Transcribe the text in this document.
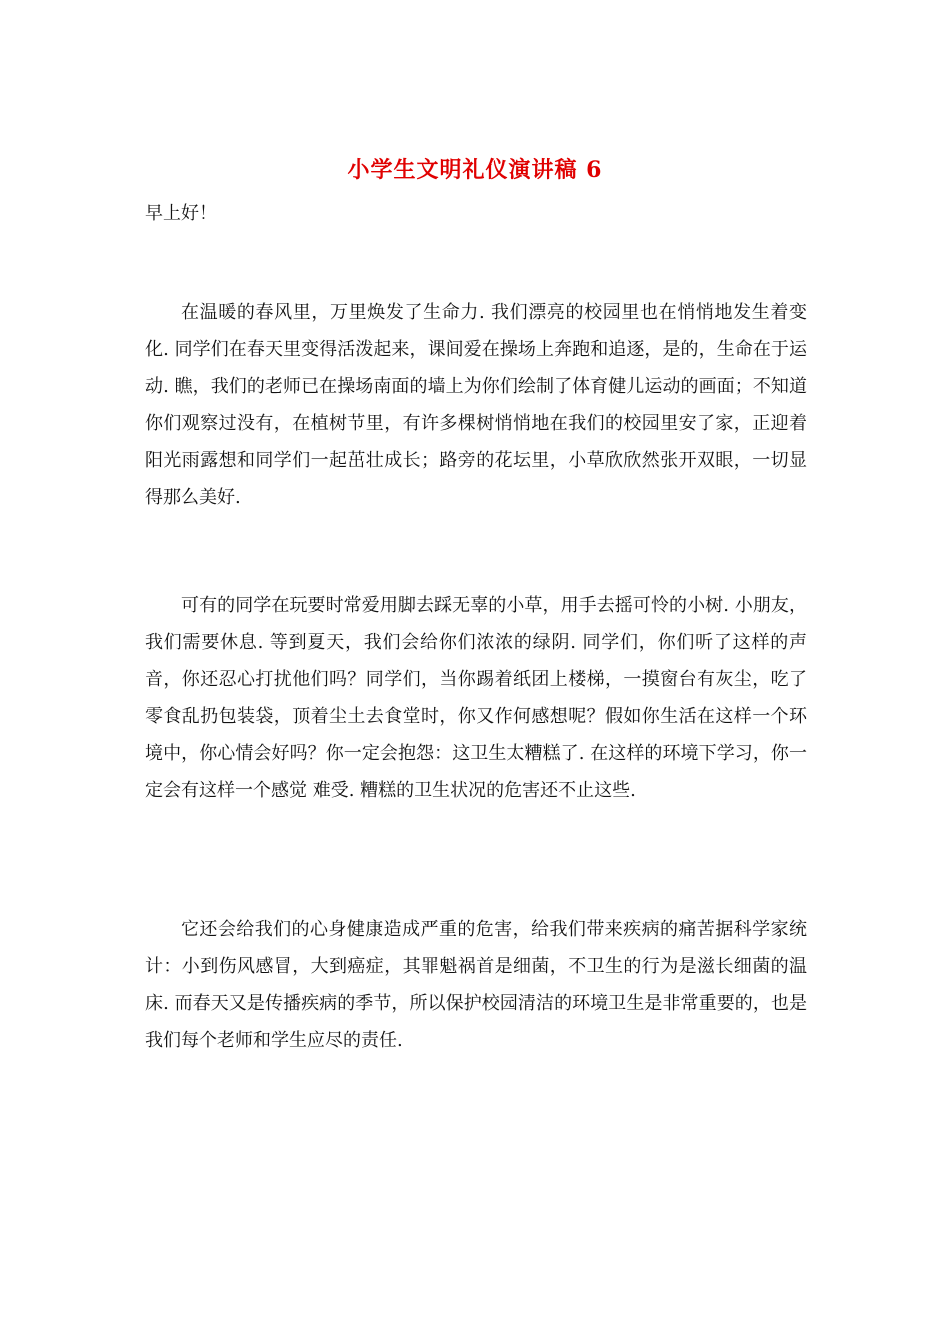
小学生文明礼仪演讲稿 6
早上好！

在温暖的春风里，万里焕发了生命力. 我们漂亮的校园里也在悄悄地发生着变化. 同学们在春天里变得活泼起来，课间爱在操场上奔跑和追逐，是的，生命在于运动. 瞧，我们的老师已在操场南面的墙上为你们绘制了体育健儿运动的画面；不知道你们观察过没有，在植树节里，有许多棵树悄悄地在我们的校园里安了家，正迎着阳光雨露想和同学们一起茁壮成长；路旁的花坛里，小草欣欣然张开双眼，一切显得那么美好.

可有的同学在玩要时常爱用脚去踩无辜的小草，用手去摇可怜的小树. 小朋友，我们需要休息. 等到夏天，我们会给你们浓浓的绿阴. 同学们，你们听了这样的声音，你还忍心打扰他们吗？同学们，当你踢着纸团上楼梯，一摸窗台有灰尘，吃了零食乱扔包装袋，顶着尘土去食堂时，你又作何感想呢？假如你生活在这样一个环境中，你心情会好吗？你一定会抱怨：这卫生太糟糕了. 在这样的环境下学习，你一定会有这样一个感觉 难受. 糟糕的卫生状况的危害还不止这些.

它还会给我们的心身健康造成严重的危害，给我们带来疾病的痛苦据科学家统计：小到伤风感冒，大到癌症，其罪魁祸首是细菌，不卫生的行为是滋长细菌的温床. 而春天又是传播疾病的季节，所以保护校园清洁的环境卫生是非常重要的，也是我们每个老师和学生应尽的责任.
